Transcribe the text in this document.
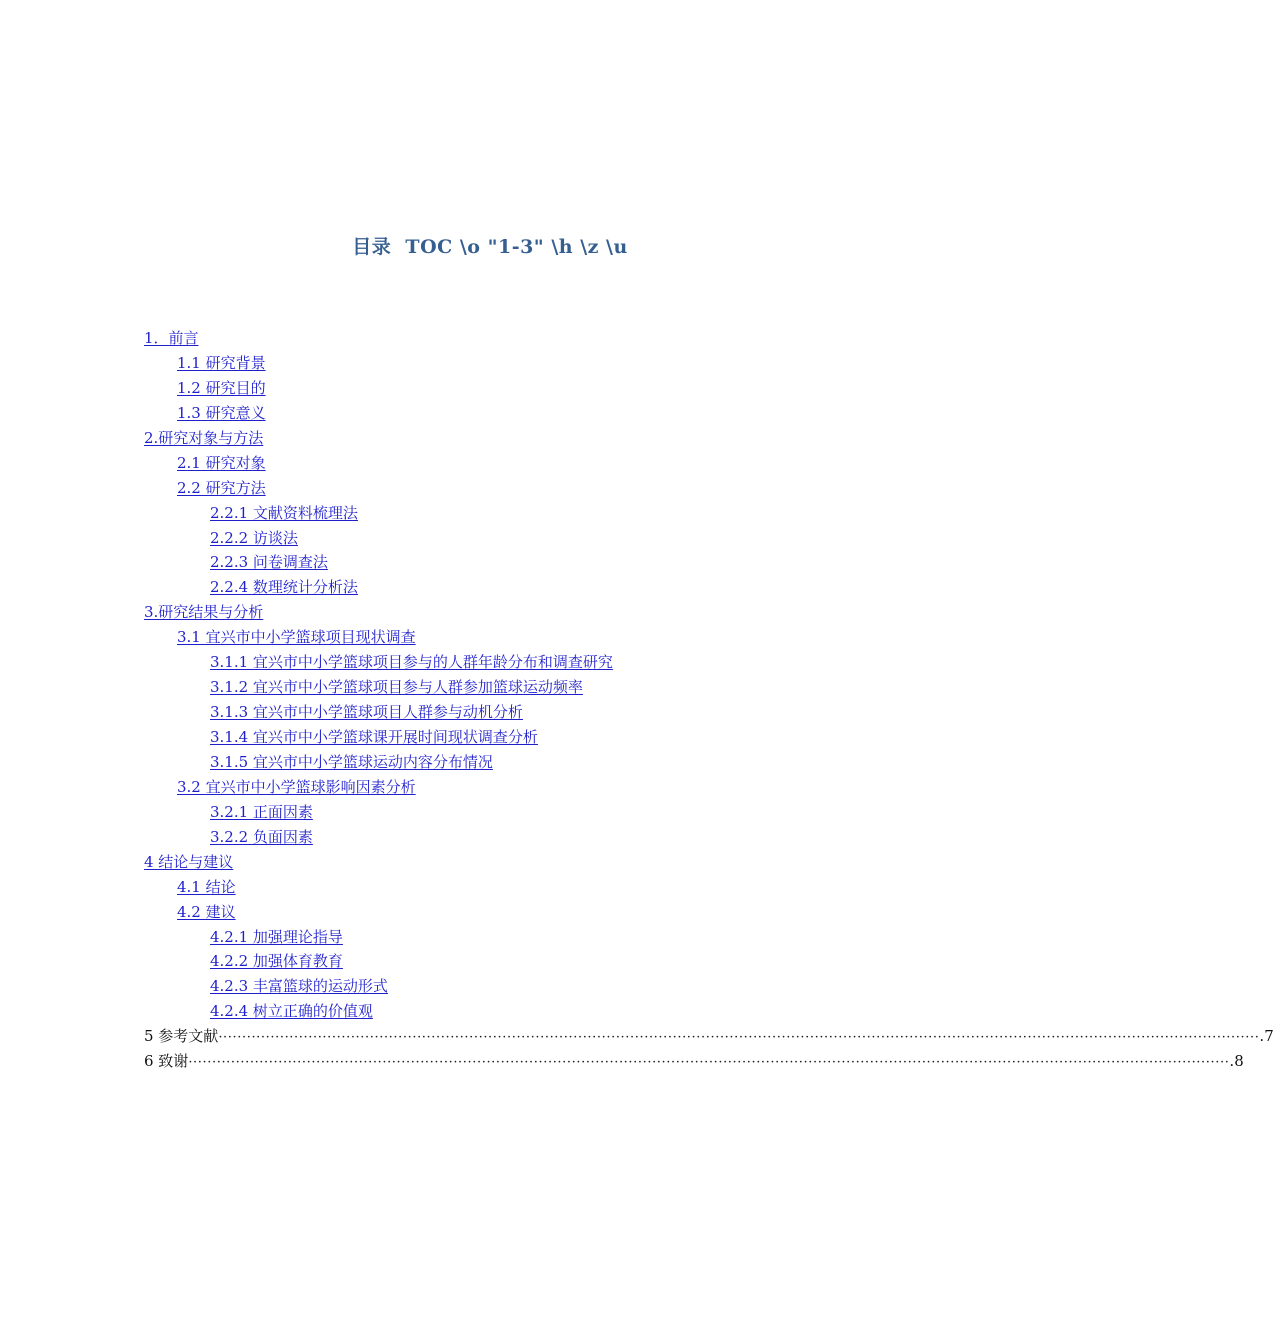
目录  TOC \o "1-3" \h \z \u
1．前言
1.1 研究背景
1.2 研究目的
1.3 研究意义
2.研究对象与方法
2.1 研究对象
2.2 研究方法
2.2.1 文献资料梳理法
2.2.2 访谈法
2.2.3 问卷调查法
2.2.4 数理统计分析法
3.研究结果与分析
3.1 宜兴市中小学篮球项目现状调查
3.1.1 宜兴市中小学篮球项目参与的人群年龄分布和调查研究
3.1.2 宜兴市中小学篮球项目参与人群参加篮球运动频率
3.1.3 宜兴市中小学篮球项目人群参与动机分析
3.1.4 宜兴市中小学篮球课开展时间现状调查分析
3.1.5 宜兴市中小学篮球运动内容分布情况
3.2 宜兴市中小学篮球影响因素分析
3.2.1 正面因素
3.2.2 负面因素
4 结论与建议
4.1 结论
4.2 建议
4.2.1 加强理论指导
4.2.2 加强体育教育
4.2.3 丰富篮球的运动形式
4.2.4 树立正确的价值观
5 参考文献 ···························································································································································································································· .7
6 致谢 ···························································································································································································································· .8
